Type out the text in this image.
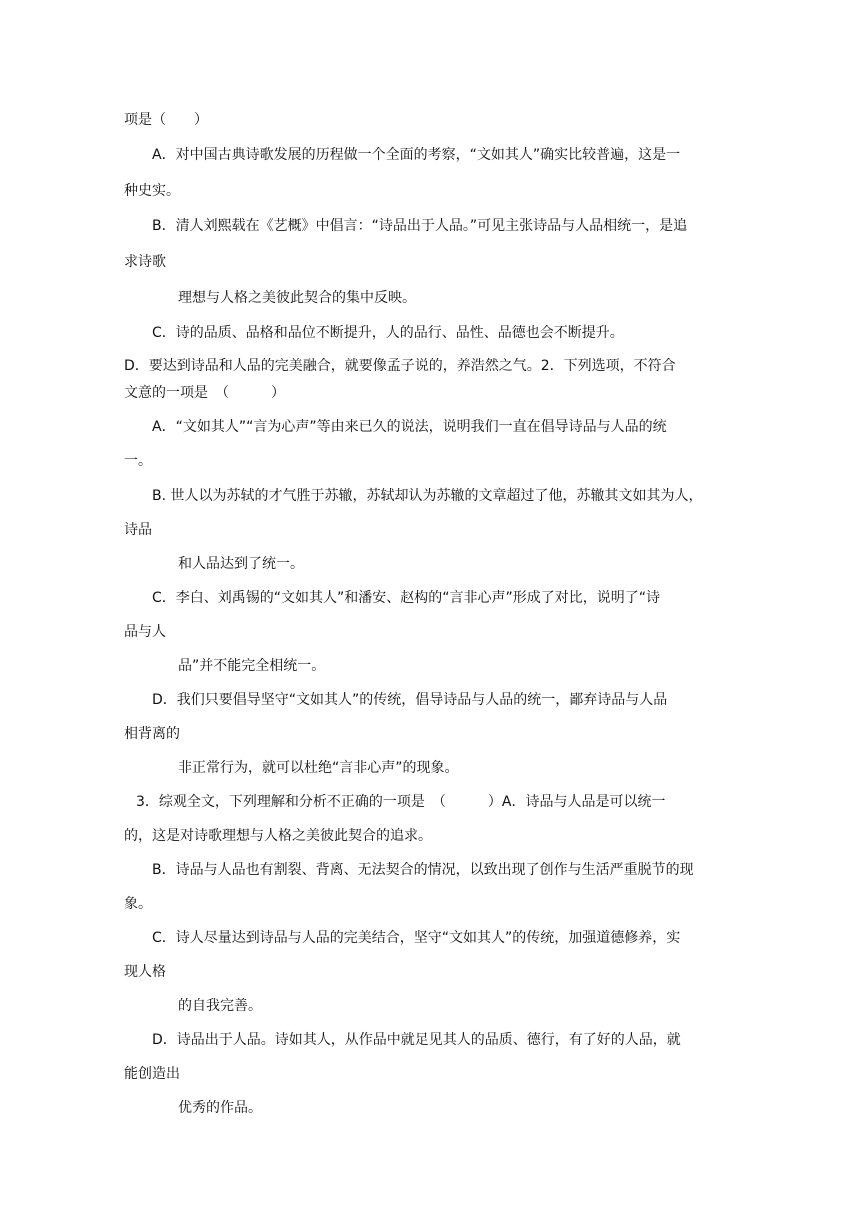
项是（　　）
A．对中国古典诗歌发展的历程做一个全面的考察，“文如其人”确实比较普遍，这是一
种史实。
B．清人刘熙载在《艺概》中倡言：“诗品出于人品。”可见主张诗品与人品相统一，是追
求诗歌
理想与人格之美彼此契合的集中反映。
C．诗的品质、品格和品位不断提升，人的品行、品性、品德也会不断提升。
D．要达到诗品和人品的完美融合，就要像孟子说的，养浩然之气。2．下列选项，不符合
文意的一项是　（　　　）
A．“文如其人”“言为心声”等由来已久的说法，说明我们一直在倡导诗品与人品的统
一。
B. 世人以为苏轼的才气胜于苏辙，苏轼却认为苏辙的文章超过了他，苏辙其文如其为人，
诗品
和人品达到了统一。
C．李白、刘禹锡的“文如其人”和潘安、赵构的“言非心声”形成了对比，说明了“诗
品与人
品”并不能完全相统一。
D．我们只要倡导坚守“文如其人”的传统，倡导诗品与人品的统一，鄙弃诗品与人品
相背离的
非正常行为，就可以杜绝“言非心声”的现象。
3．综观全文，下列理解和分析不正确的一项是　（　　　）A．诗品与人品是可以统一
的，这是对诗歌理想与人格之美彼此契合的追求。
B．诗品与人品也有割裂、背离、无法契合的情况，以致出现了创作与生活严重脱节的现
象。
C．诗人尽量达到诗品与人品的完美结合，坚守“文如其人”的传统，加强道德修养，实
现人格
的自我完善。
D．诗品出于人品。诗如其人，从作品中就足见其人的品质、德行，有了好的人品，就
能创造出
优秀的作品。
